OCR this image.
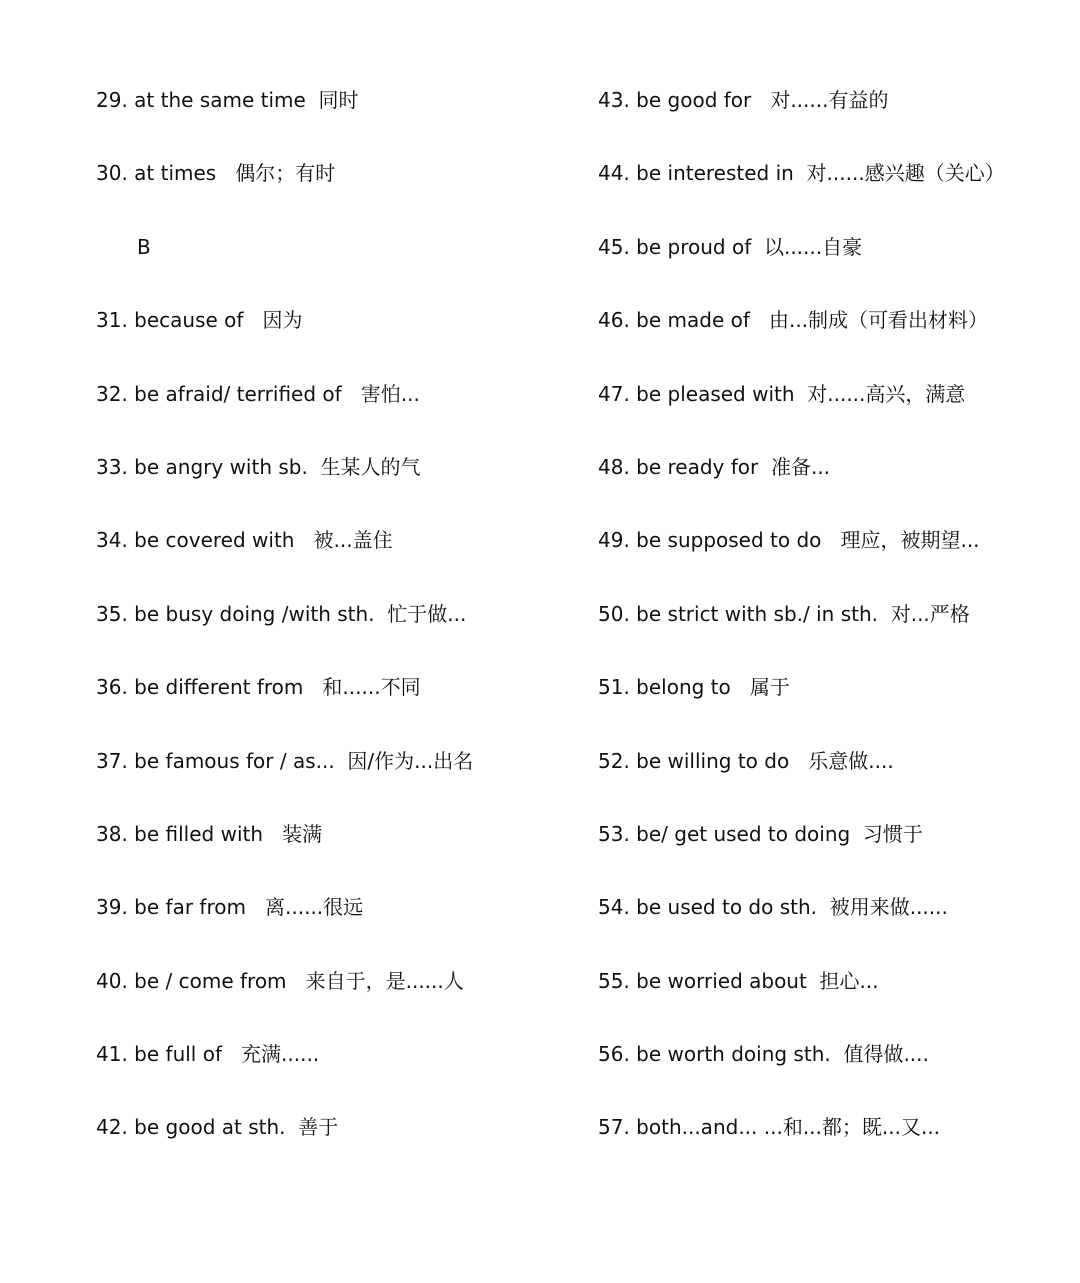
29. at the same time  同时
30. at times   偶尔；有时
B
31. because of   因为
32. be afraid/ terrified of   害怕...
33. be angry with sb.  生某人的气
34. be covered with   被...盖住
35. be busy doing /with sth.  忙于做...
36. be different from   和......不同
37. be famous for / as...  因/作为...出名
38. be filled with   装满
39. be far from   离......很远
40. be / come from   来自于，是......人
41. be full of   充满......
42. be good at sth.  善于
43. be good for   对......有益的
44. be interested in  对......感兴趣（关心）
45. be proud of  以......自豪
46. be made of   由...制成（可看出材料）
47. be pleased with  对......高兴，满意
48. be ready for  准备...
49. be supposed to do   理应，被期望...
50. be strict with sb./ in sth.  对...严格
51. belong to   属于
52. be willing to do   乐意做....
53. be/ get used to doing  习惯于
54. be used to do sth.  被用来做......
55. be worried about  担心...
56. be worth doing sth.  值得做....
57. both...and... ...和...都；既...又...
